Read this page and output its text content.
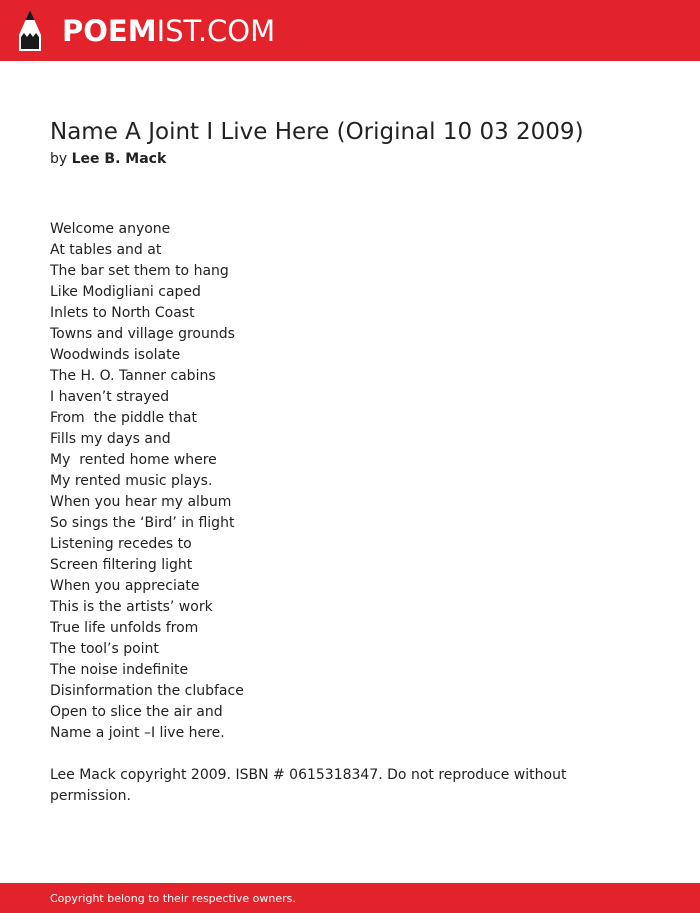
POEMIST.COM
Name A Joint I Live Here (Original 10 03 2009)
by Lee B. Mack
Welcome anyone
At tables and at
The bar set them to hang
Like Modigliani caped
Inlets to North Coast
Towns and village grounds
Woodwinds isolate
The H. O. Tanner cabins
I haven’t strayed
From  the piddle that
Fills my days and
My  rented home where
My rented music plays.
When you hear my album
So sings the ‘Bird’ in flight
Listening recedes to
Screen filtering light
When you appreciate
This is the artists’ work
True life unfolds from
The tool’s point
The noise indefinite
Disinformation the clubface
Open to slice the air and
Name a joint –I live here.

Lee Mack copyright 2009. ISBN # 0615318347. Do not reproduce without permission.

Copyright belong to their respective owners.
